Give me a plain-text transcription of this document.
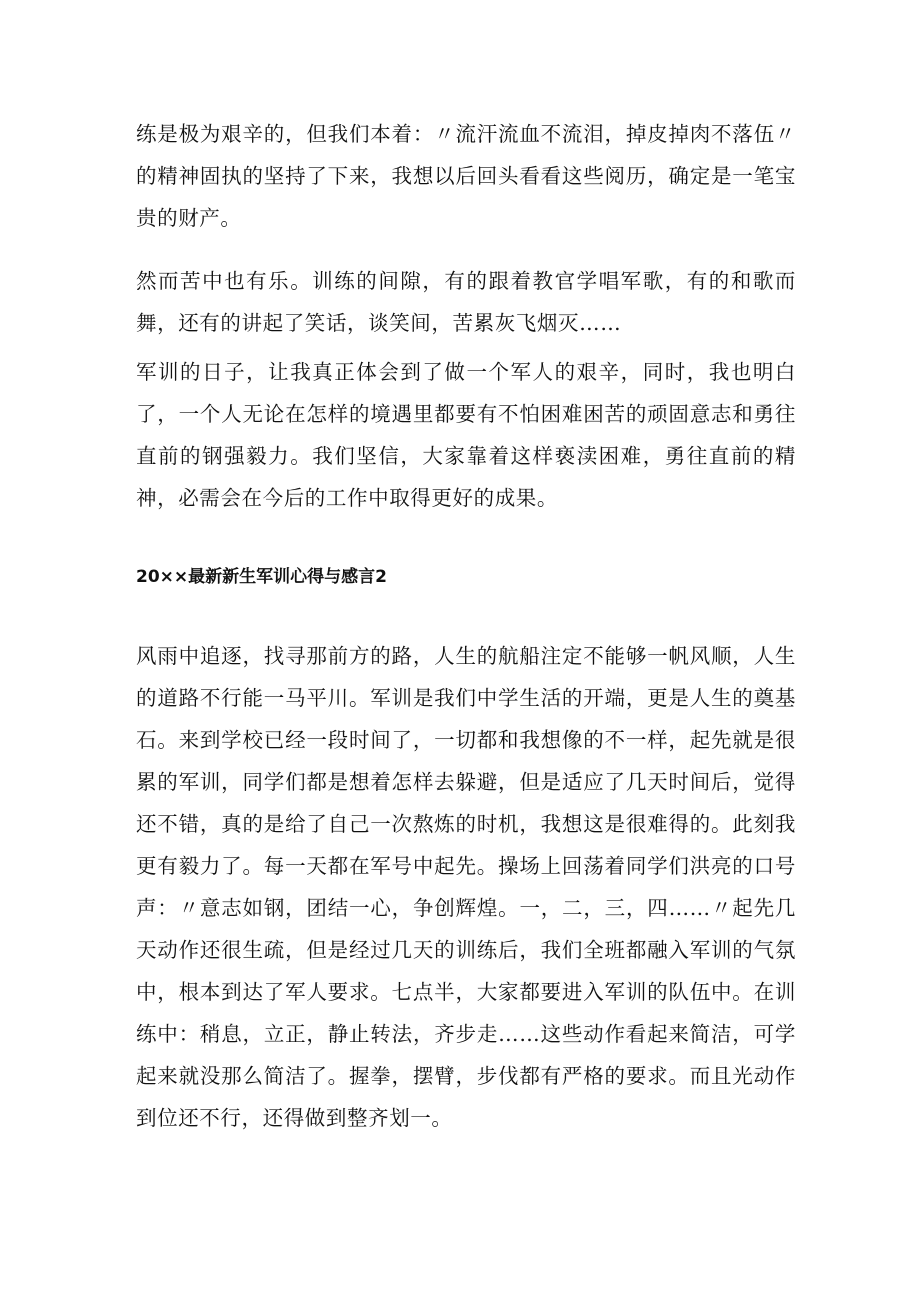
练是极为艰辛的，但我们本着：〃流汗流血不流泪，掉皮掉肉不落伍〃的精神固执的坚持了下来，我想以后回头看看这些阅历，确定是一笔宝贵的财产。

然而苦中也有乐。训练的间隙，有的跟着教官学唱军歌，有的和歌而舞，还有的讲起了笑话，谈笑间，苦累灰飞烟灭……

军训的日子，让我真正体会到了做一个军人的艰辛，同时，我也明白了，一个人无论在怎样的境遇里都要有不怕困难困苦的顽固意志和勇往直前的钢强毅力。我们坚信，大家靠着这样亵渎困难，勇往直前的精神，必需会在今后的工作中取得更好的成果。

20××最新新生军训心得与感言2

风雨中追逐，找寻那前方的路，人生的航船注定不能够一帆风顺，人生的道路不行能一马平川。军训是我们中学生活的开端，更是人生的奠基石。来到学校已经一段时间了，一切都和我想像的不一样，起先就是很累的军训，同学们都是想着怎样去躲避，但是适应了几天时间后，觉得还不错，真的是给了自己一次熬炼的时机，我想这是很难得的。此刻我更有毅力了。每一天都在军号中起先。操场上回荡着同学们洪亮的口号声：〃意志如钢，团结一心，争创辉煌。一，二，三，四……〃起先几天动作还很生疏，但是经过几天的训练后，我们全班都融入军训的气氛中，根本到达了军人要求。七点半，大家都要进入军训的队伍中。在训练中：稍息，立正，静止转法，齐步走……这些动作看起来简洁，可学起来就没那么简洁了。握拳，摆臂，步伐都有严格的要求。而且光动作到位还不行，还得做到整齐划一。
